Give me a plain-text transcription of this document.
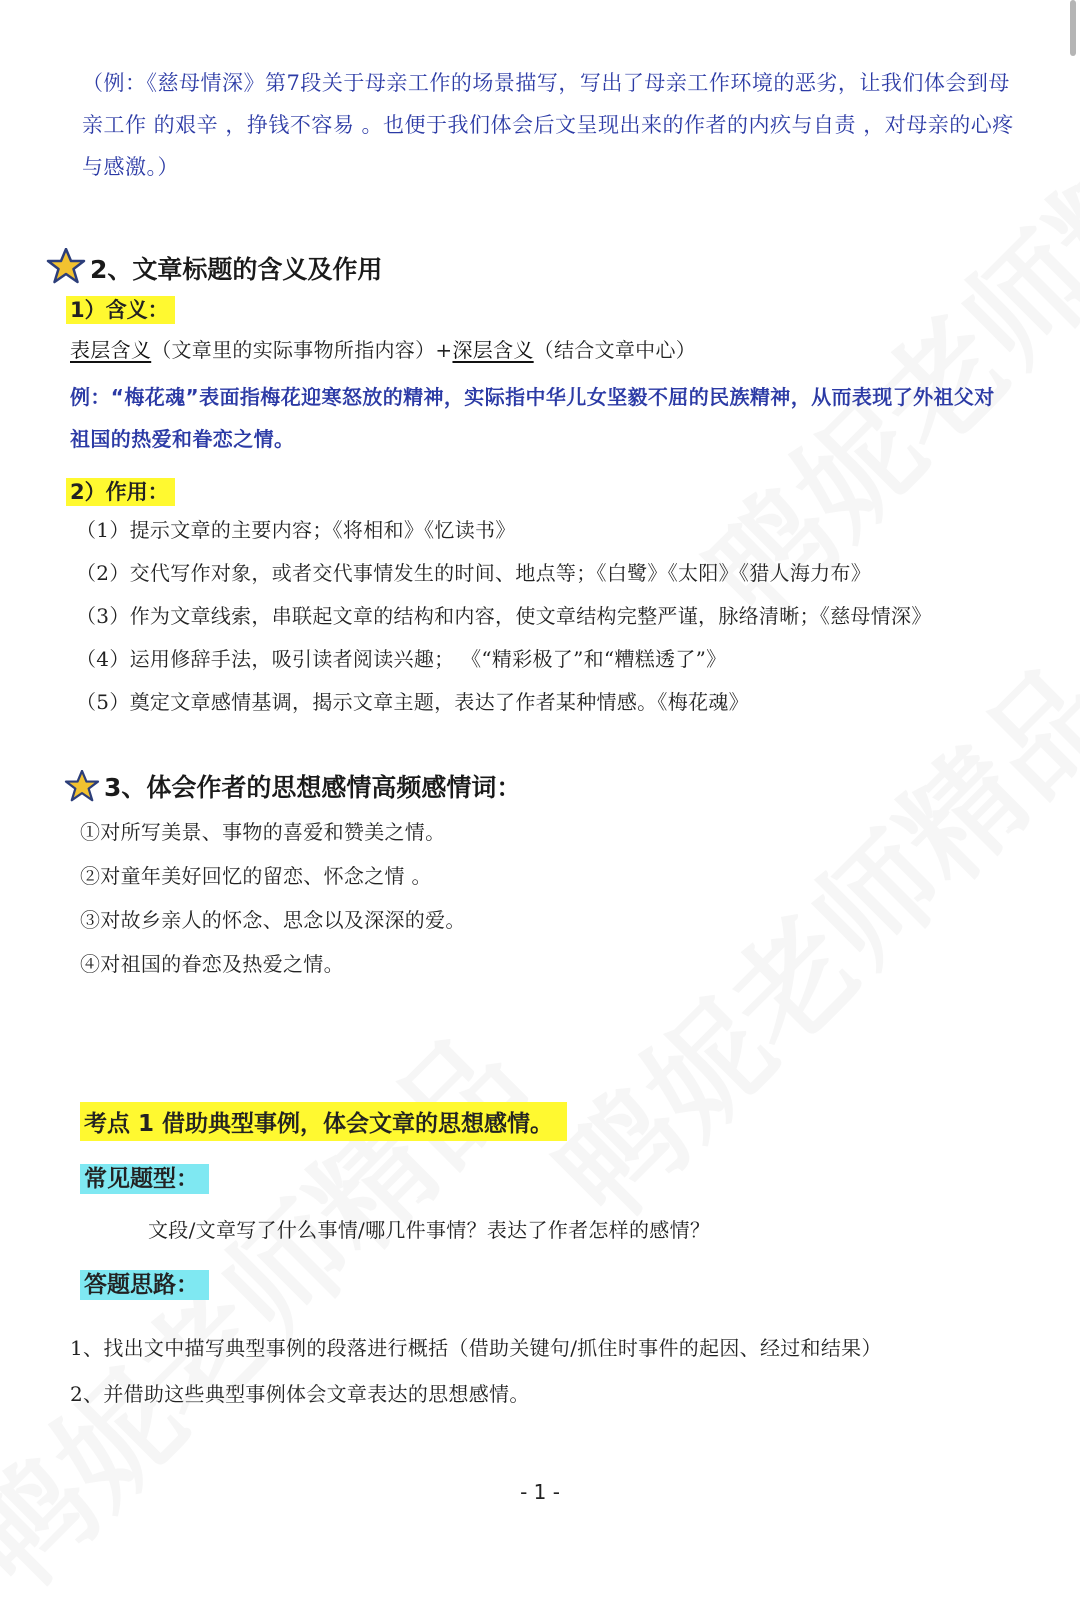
（例：《慈母情深》第7段关于母亲工作的场景描写，写出了母亲工作环境的恶劣，让我们体会到母亲工作 的艰辛 ，挣钱不容易 。也便于我们体会后文呈现出来的作者的内疚与自责 ，对母亲的心疼与感激。）
2、文章标题的含义及作用
1）含义：
表层含义（文章里的实际事物所指内容）+深层含义（结合文章中心）
例：“梅花魂”表面指梅花迎寒怒放的精神，实际指中华儿女坚毅不屈的民族精神，从而表现了外祖父对祖国的热爱和眷恋之情。
2）作用：
（1）提示文章的主要内容；《将相和》《忆读书》
（2）交代写作对象，或者交代事情发生的时间、地点等；《白鹭》《太阳》《猎人海力布》
（3）作为文章线索，串联起文章的结构和内容，使文章结构完整严谨，脉络清晰；《慈母情深》
（4）运用修辞手法，吸引读者阅读兴趣； 《“精彩极了”和“糟糕透了”》
（5）奠定文章感情基调，揭示文章主题，表达了作者某种情感。《梅花魂》
3、体会作者的思想感情高频感情词：
①对所写美景、事物的喜爱和赞美之情。
②对童年美好回忆的留恋、怀念之情 。
③对故乡亲人的怀念、思念以及深深的爱。
④对祖国的眷恋及热爱之情。
考点 1 借助典型事例，体会文章的思想感情。
常见题型：
文段/文章写了什么事情/哪几件事情？表达了作者怎样的感情？
答题思路：
1、找出文中描写典型事例的段落进行概括（借助关键句/抓住时事件的起因、经过和结果）
2、并借助这些典型事例体会文章表达的思想感情。
- 1 -
